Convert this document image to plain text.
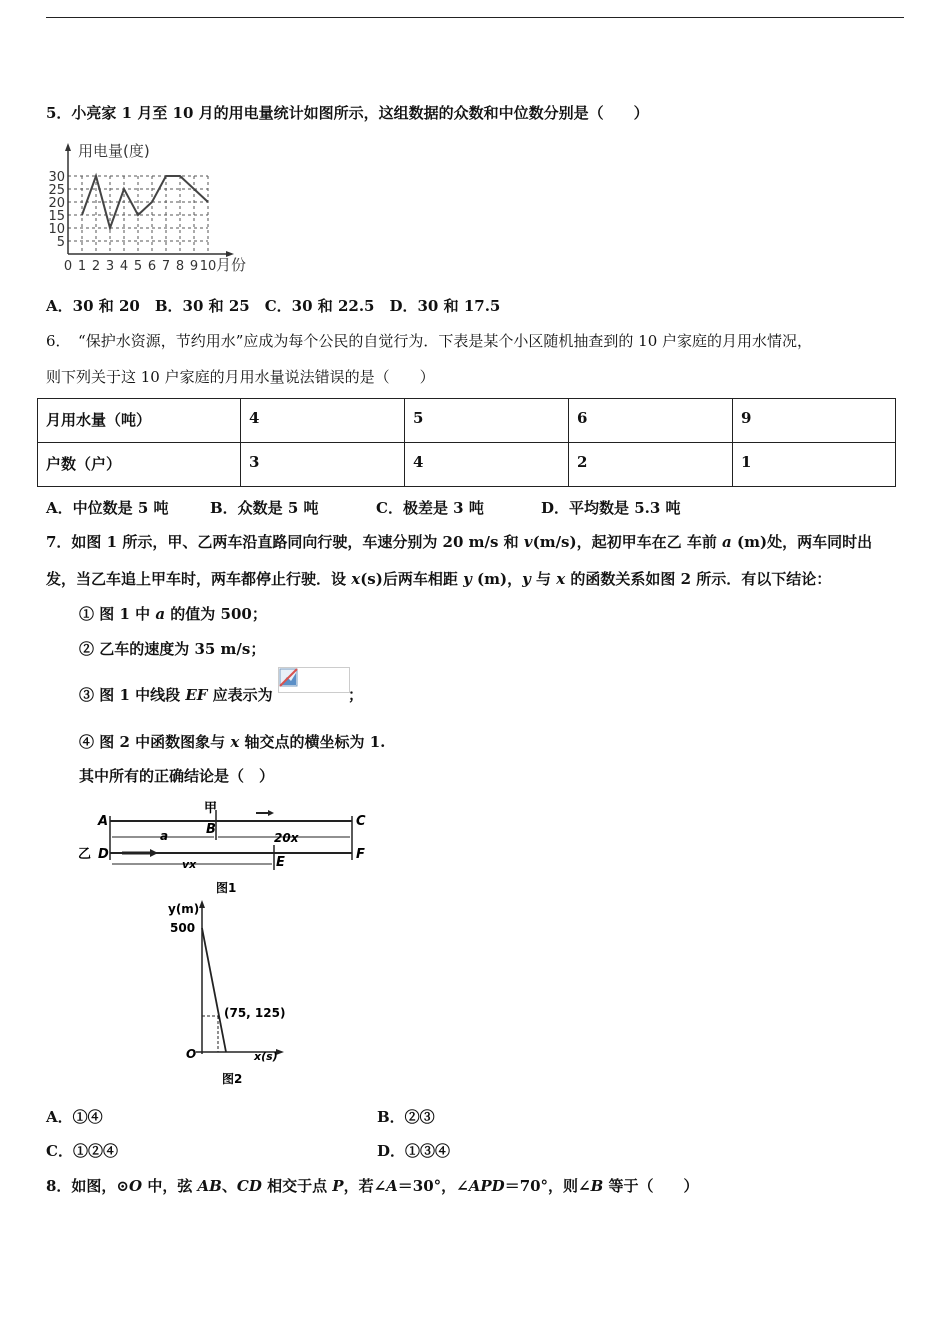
5．小亮家 1 月至 10 月的用电量统计如图所示，这组数据的众数和中位数分别是（　　）
0 1 2 3 4 5 6 7 8 9 10
5
10
15
20
25
30
用电量(度)
月份
A．30 和 20　B．30 和 25　C．30 和 22.5　D．30 和 17.5
6．　“保护水资源，节约用水”应成为每个公民的自觉行为．下表是某个小区随机抽查到的 10 户家庭的月用水情况，
则下列关于这 10 户家庭的月用水量说法错误的是（　　）
月用水量（吨）	4	5	6	9
户数（户）	3	4	2	1
A．中位数是 5 吨	B．众数是 5 吨	C．极差是 3 吨	D．平均数是 5.3 吨
7．如图 1 所示，甲、乙两车沿直路同向行驶，车速分别为 20 m/s 和 v(m/s)，起初甲车在乙 车前 a (m)处，两车同时出
发，当乙车追上甲车时，两车都停止行驶．设 x(s)后两车相距 y (m)，y 与 x 的函数关系如图 2 所示．有以下结论：
① 图 1 中 a 的值为 500；
② 乙车的速度为 35 m/s；
③ 图 1 中线段 EF 应表示为	；
④ 图 2 中函数图象与 x 轴交点的横坐标为 1.
其中所有的正确结论是（　）
甲
乙
A
B
C
D
E
F
a	20x
vx
图1
y(m)
500
(75, 125)
O	x(s)
图2
A．①④	B．②③
C．①②④	D．①③④
8．如图，⊙O 中，弦 AB、CD 相交于点 P，若∠A＝30°，∠APD＝70°，则∠B 等于（　　）
